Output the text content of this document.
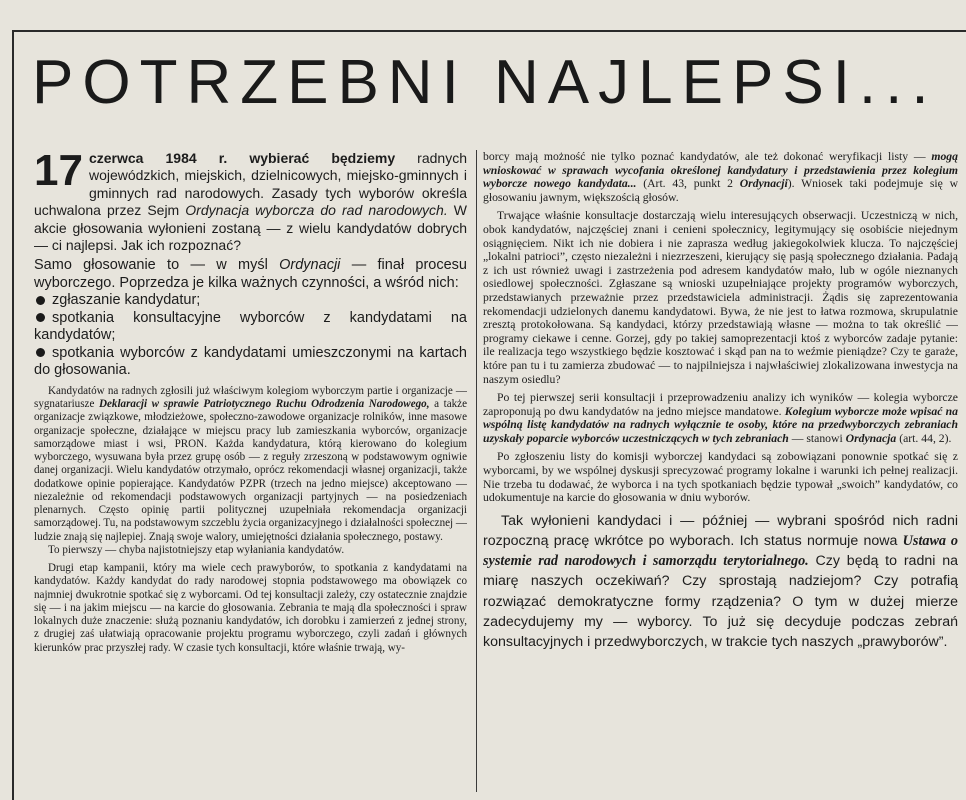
POTRZEBNI NAJLEPSI...

17 czerwca 1984 r. wybierać będziemy radnych wojewódzkich, miejskich, dzielnicowych, miejsko-gminnych i gminnych rad narodowych. Zasady tych wyborów określa uchwalona przez Sejm Ordynacja wyborcza do rad narodowych. W akcie głosowania wyłonieni zostaną — z wielu kandydatów dobrych — ci najlepsi. Jak ich rozpoznać?

Samo głosowanie to — w myśl Ordynacji — finał procesu wyborczego. Poprzedza je kilka ważnych czynności, a wśród nich:

zgłaszanie kandydatur;
spotkania konsultacyjne wyborców z kandydatami na kandydatów;
spotkania wyborców z kandydatami umieszczonymi na kartach do głosowania.

Kandydatów na radnych zgłosili już właściwym kolegiom wyborczym partie i organizacje — sygnatariusze Deklaracji w sprawie Patriotycznego Ruchu Odrodzenia Narodowego, a także organizacje związkowe, młodzieżowe, społeczno-zawodowe organizacje rolników, inne masowe organizacje społeczne, działające w miejscu pracy lub zamieszkania wyborców, organizacje samorządowe miast i wsi, PRON. Każda kandydatura, którą kierowano do kolegium wyborczego, wysuwana była przez grupę osób — z reguły zrzeszoną w podstawowym ogniwie danej organizacji. Wielu kandydatów otrzymało, oprócz rekomendacji własnej organizacji, także dodatkowe opinie popierające. Kandydatów PZPR (trzech na jedno miejsce) akceptowano — niezależnie od rekomendacji podstawowych organizacji partyjnych — na posiedzeniach plenarnych. Często opinię partii politycznej uzupełniała rekomendacja organizacji samorządowej. Tu, na podstawowym szczeblu życia organizacyjnego i działalności społecznej — ludzie znają się najlepiej. Znają swoje walory, umiejętności działania społecznego, postawy.

To pierwszy — chyba najistotniejszy etap wyłaniania kandydatów.

Drugi etap kampanii, który ma wiele cech prawyborów, to spotkania z kandydatami na kandydatów. Każdy kandydat do rady narodowej stopnia podstawowego ma obowiązek co najmniej dwukrotnie spotkać się z wyborcami. Od tej konsultacji zależy, czy ostatecznie znajdzie się — i na jakim miejscu — na karcie do głosowania. Zebrania te mają dla społeczności i spraw lokalnych duże znaczenie: służą poznaniu kandydatów, ich dorobku i zamierzeń z jednej strony, z drugiej zaś ułatwiają opracowanie projektu programu wyborczego, czyli zadań i głównych kierunków prac przyszłej rady. W czasie tych konsultacji, które właśnie trwają, wy-

borcy mają możność nie tylko poznać kandydatów, ale też dokonać weryfikacji listy — mogą wnioskować w sprawach wycofania określonej kandydatury i przedstawienia przez kolegium wyborcze nowego kandydata... (Art. 43, punkt 2 Ordynacji). Wniosek taki podejmuje się w głosowaniu jawnym, większością głosów.

Trwające właśnie konsultacje dostarczają wielu interesujących obserwacji. Uczestniczą w nich, obok kandydatów, najczęściej znani i cenieni społecznicy, legitymujący się osobiście niejednym osiągnięciem. Nikt ich nie dobiera i nie zaprasza według jakiegokolwiek klucza. To najczęściej „lokalni patrioci”, często niezależni i niezrzeszeni, kierujący się pasją społecznego działania. Padają z ich ust również uwagi i zastrzeżenia pod adresem kandydatów mało, lub w ogóle nieznanych osiedlowej społeczności. Zgłaszane są wnioski uzupełniające projekty programów wyborczych, przedstawianych przeważnie przez przedstawiciela administracji. Żądis się zaprezentowania rekomendacji udzielonych danemu kandydatowi. Bywa, że nie jest to łatwa rozmowa, skrupulatnie zresztą protokołowana. Są kandydaci, którzy przedstawiają własne — można to tak określić — programy ciekawe i cenne. Gorzej, gdy po takiej samoprezentacji ktoś z wyborców zadaje pytanie: ile realizacja tego wszystkiego będzie kosztować i skąd pan na to weźmie pieniądze? Czy te garaże, które pan tu i tu zamierza zbudować — to najpilniejsza i najwłaściwiej zlokalizowana inwestycja na naszym osiedlu?

Po tej pierwszej serii konsultacji i przeprowadzeniu analizy ich wyników — kolegia wyborcze zaproponują po dwu kandydatów na jedno miejsce mandatowe. Kolegium wyborcze może wpisać na wspólną listę kandydatów na radnych wyłącznie te osoby, które na przedwyborczych zebraniach uzyskały poparcie wyborców uczestniczących w tych zebraniach — stanowi Ordynacja (art. 44, 2).

Po zgłoszeniu listy do komisji wyborczej kandydaci są zobowiązani ponownie spotkać się z wyborcami, by we wspólnej dyskusji sprecyzować programy lokalne i warunki ich pełnej realizacji. Nie trzeba tu dodawać, że wyborca i na tych spotkaniach będzie typował „swoich” kandydatów, co udokumentuje na karcie do głosowania w dniu wyborów.

Tak wyłonieni kandydaci i — później — wybrani spośród nich radni rozpoczną pracę wkrótce po wyborach. Ich status normuje nowa Ustawa o systemie rad narodowych i samorządu terytorialnego. Czy będą to radni na miarę naszych oczekiwań? Czy sprostają nadziejom? Czy potrafią rozwiązać demokratyczne formy rządzenia? O tym w dużej mierze zadecydujemy my — wyborcy. To już się decyduje podczas zebrań konsultacyjnych i przedwyborczych, w trakcie tych naszych „prawyborów”.
